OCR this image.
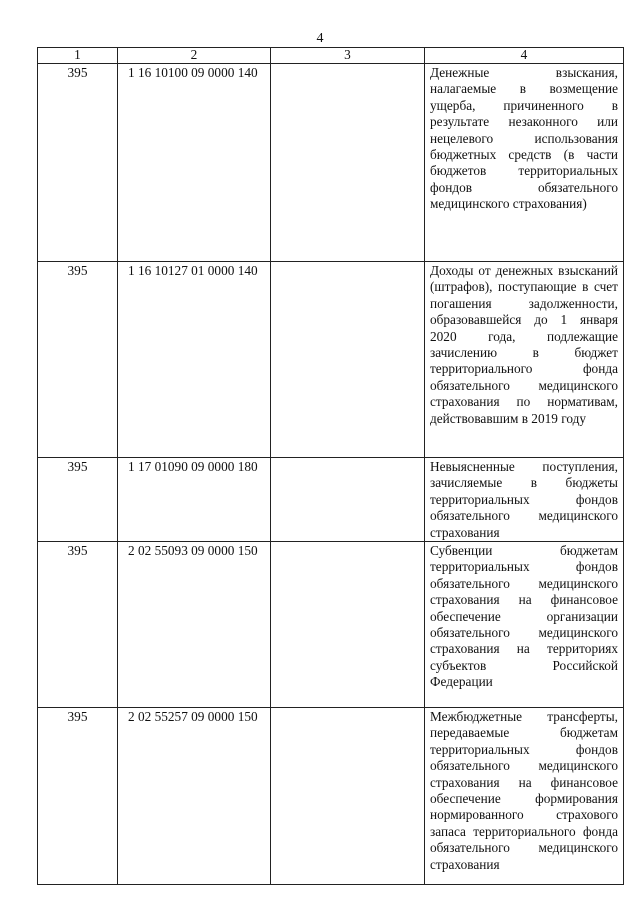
4
1	2	3	4
395	1 16 10100 09 0000 140		Денежные взыскания, налагаемые в возмещение ущерба, причиненного в результате незаконного или нецелевого использования бюджетных средств (в части бюджетов территориальных фондов обязательного медицинского страхования)
395	1 16 10127 01 0000 140		Доходы от денежных взысканий (штрафов), поступающие в счет погашения задолженности, образовавшейся до 1 января 2020 года, подлежащие зачислению в бюджет территориального фонда обязательного медицинского страхования по нормативам, действовавшим в 2019 году
395	1 17 01090 09 0000 180		Невыясненные поступления, зачисляемые в бюджеты территориальных фондов обязательного медицинского страхования
395	2 02 55093 09 0000 150		Субвенции бюджетам территориальных фондов обязательного медицинского страхования на финансовое обеспечение организации обязательного медицинского страхования на территориях субъектов Российской Федерации
395	2 02 55257 09 0000 150		Межбюджетные трансферты, передаваемые бюджетам территориальных фондов обязательного медицинского страхования на финансовое обеспечение формирования нормированного страхового запаса территориального фонда обязательного медицинского страхования
